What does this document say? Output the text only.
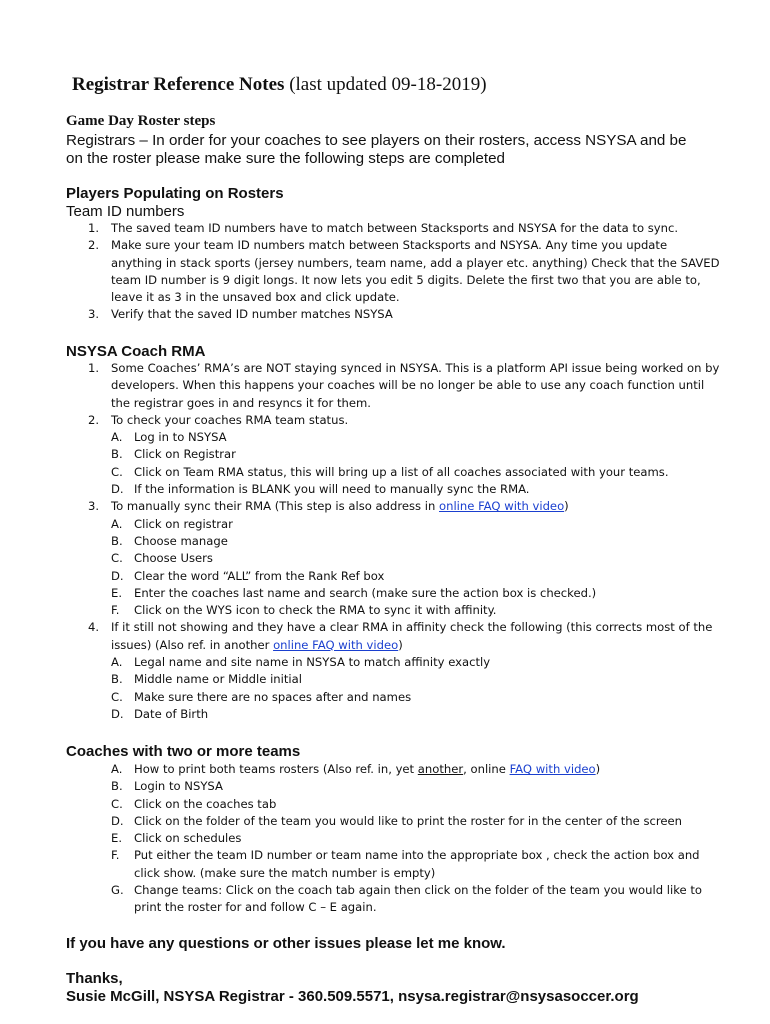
Registrar Reference Notes (last updated 09-18-2019)
Game Day Roster steps
Registrars – In order for your coaches to see players on their rosters, access NSYSA and be on the roster please make sure the following steps are completed
Players Populating on Rosters
Team ID numbers
1. The saved team ID numbers have to match between Stacksports and NSYSA for the data to sync.
2. Make sure your team ID numbers match between Stacksports and NSYSA. Any time you update anything in stack sports (jersey numbers, team name, add a player etc. anything) Check that the SAVED team ID number is 9 digit longs. It now lets you edit 5 digits. Delete the first two that you are able to, leave it as 3 in the unsaved box and click update.
3. Verify that the saved ID number matches NSYSA
NSYSA Coach RMA
1. Some Coaches’ RMA’s are NOT staying synced in NSYSA. This is a platform API issue being worked on by developers. When this happens your coaches will be no longer be able to use any coach function until the registrar goes in and resyncs it for them.
2. To check your coaches RMA team status.
A. Log in to NSYSA
B. Click on Registrar
C. Click on Team RMA status, this will bring up a list of all coaches associated with your teams.
D. If the information is BLANK you will need to manually sync the RMA.
3. To manually sync their RMA (This step is also address in online FAQ with video)
A. Click on registrar
B. Choose manage
C. Choose Users
D. Clear the word “ALL” from the Rank Ref box
E. Enter the coaches last name and search (make sure the action box is checked.)
F. Click on the WYS icon to check the RMA to sync it with affinity.
4. If it still not showing and they have a clear RMA in affinity check the following (this corrects most of the issues) (Also ref. in another online FAQ with video)
A. Legal name and site name in NSYSA to match affinity exactly
B. Middle name or Middle initial
C. Make sure there are no spaces after and names
D. Date of Birth
Coaches with two or more teams
A. How to print both teams rosters (Also ref. in, yet another, online FAQ with video)
B. Login to NSYSA
C. Click on the coaches tab
D. Click on the folder of the team you would like to print the roster for in the center of the screen
E. Click on schedules
F. Put either the team ID number or team name into the appropriate box , check the action box and click show. (make sure the match number is empty)
G. Change teams: Click on the coach tab again then click on the folder of the team you would like to print the roster for and follow C – E again.
If you have any questions or other issues please let me know.
Thanks,
Susie McGill, NSYSA Registrar - 360.509.5571, nsysa.registrar@nsysasoccer.org
